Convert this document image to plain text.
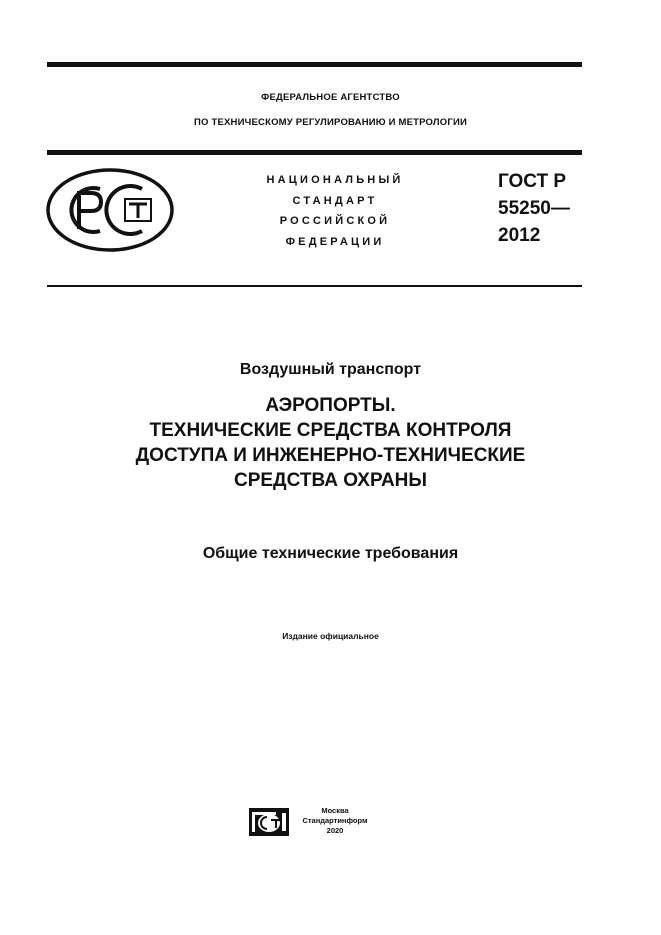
ФЕДЕРАЛЬНОЕ АГЕНТСТВО
ПО ТЕХНИЧЕСКОМУ РЕГУЛИРОВАНИЮ И МЕТРОЛОГИИ
НАЦИОНАЛЬНЫЙ
СТАНДАРТ
РОССИЙСКОЙ
ФЕДЕРАЦИИ
ГОСТ Р
55250—
2012
Воздушный транспорт
АЭРОПОРТЫ.
ТЕХНИЧЕСКИЕ СРЕДСТВА КОНТРОЛЯ
ДОСТУПА И ИНЖЕНЕРНО-ТЕХНИЧЕСКИЕ
СРЕДСТВА ОХРАНЫ
Общие технические требования
Издание официальное
Москва
Стандартинформ
2020
